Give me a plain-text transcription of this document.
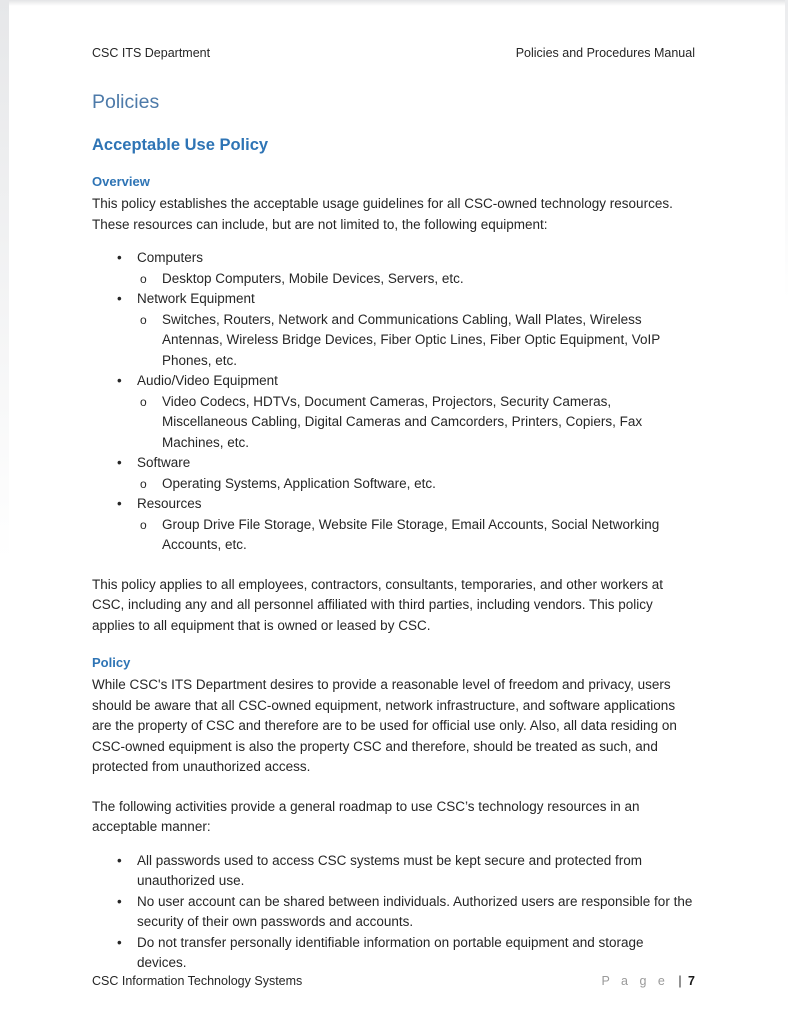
CSC ITS Department	Policies and Procedures Manual
Policies
Acceptable Use Policy
Overview
This policy establishes the acceptable usage guidelines for all CSC-owned technology resources. These resources can include, but are not limited to, the following equipment:
•	Computers
o	Desktop Computers, Mobile Devices, Servers, etc.
•	Network Equipment
o	Switches, Routers, Network and Communications Cabling, Wall Plates, Wireless Antennas, Wireless Bridge Devices, Fiber Optic Lines, Fiber Optic Equipment, VoIP Phones, etc.
•	Audio/Video Equipment
o	Video Codecs, HDTVs, Document Cameras, Projectors, Security Cameras, Miscellaneous Cabling, Digital Cameras and Camcorders, Printers, Copiers, Fax Machines, etc.
•	Software
o	Operating Systems, Application Software, etc.
•	Resources
o	Group Drive File Storage, Website File Storage, Email Accounts, Social Networking Accounts, etc.
This policy applies to all employees, contractors, consultants, temporaries, and other workers at CSC, including any and all personnel affiliated with third parties, including vendors. This policy applies to all equipment that is owned or leased by CSC.
Policy
While CSC's ITS Department desires to provide a reasonable level of freedom and privacy, users should be aware that all CSC-owned equipment, network infrastructure, and software applications are the property of CSC and therefore are to be used for official use only. Also, all data residing on CSC-owned equipment is also the property CSC and therefore, should be treated as such, and protected from unauthorized access.
The following activities provide a general roadmap to use CSC’s technology resources in an acceptable manner:
•	All passwords used to access CSC systems must be kept secure and protected from unauthorized use.
•	No user account can be shared between individuals. Authorized users are responsible for the security of their own passwords and accounts.
•	Do not transfer personally identifiable information on portable equipment and storage devices.
CSC Information Technology Systems	P a g e | 7
